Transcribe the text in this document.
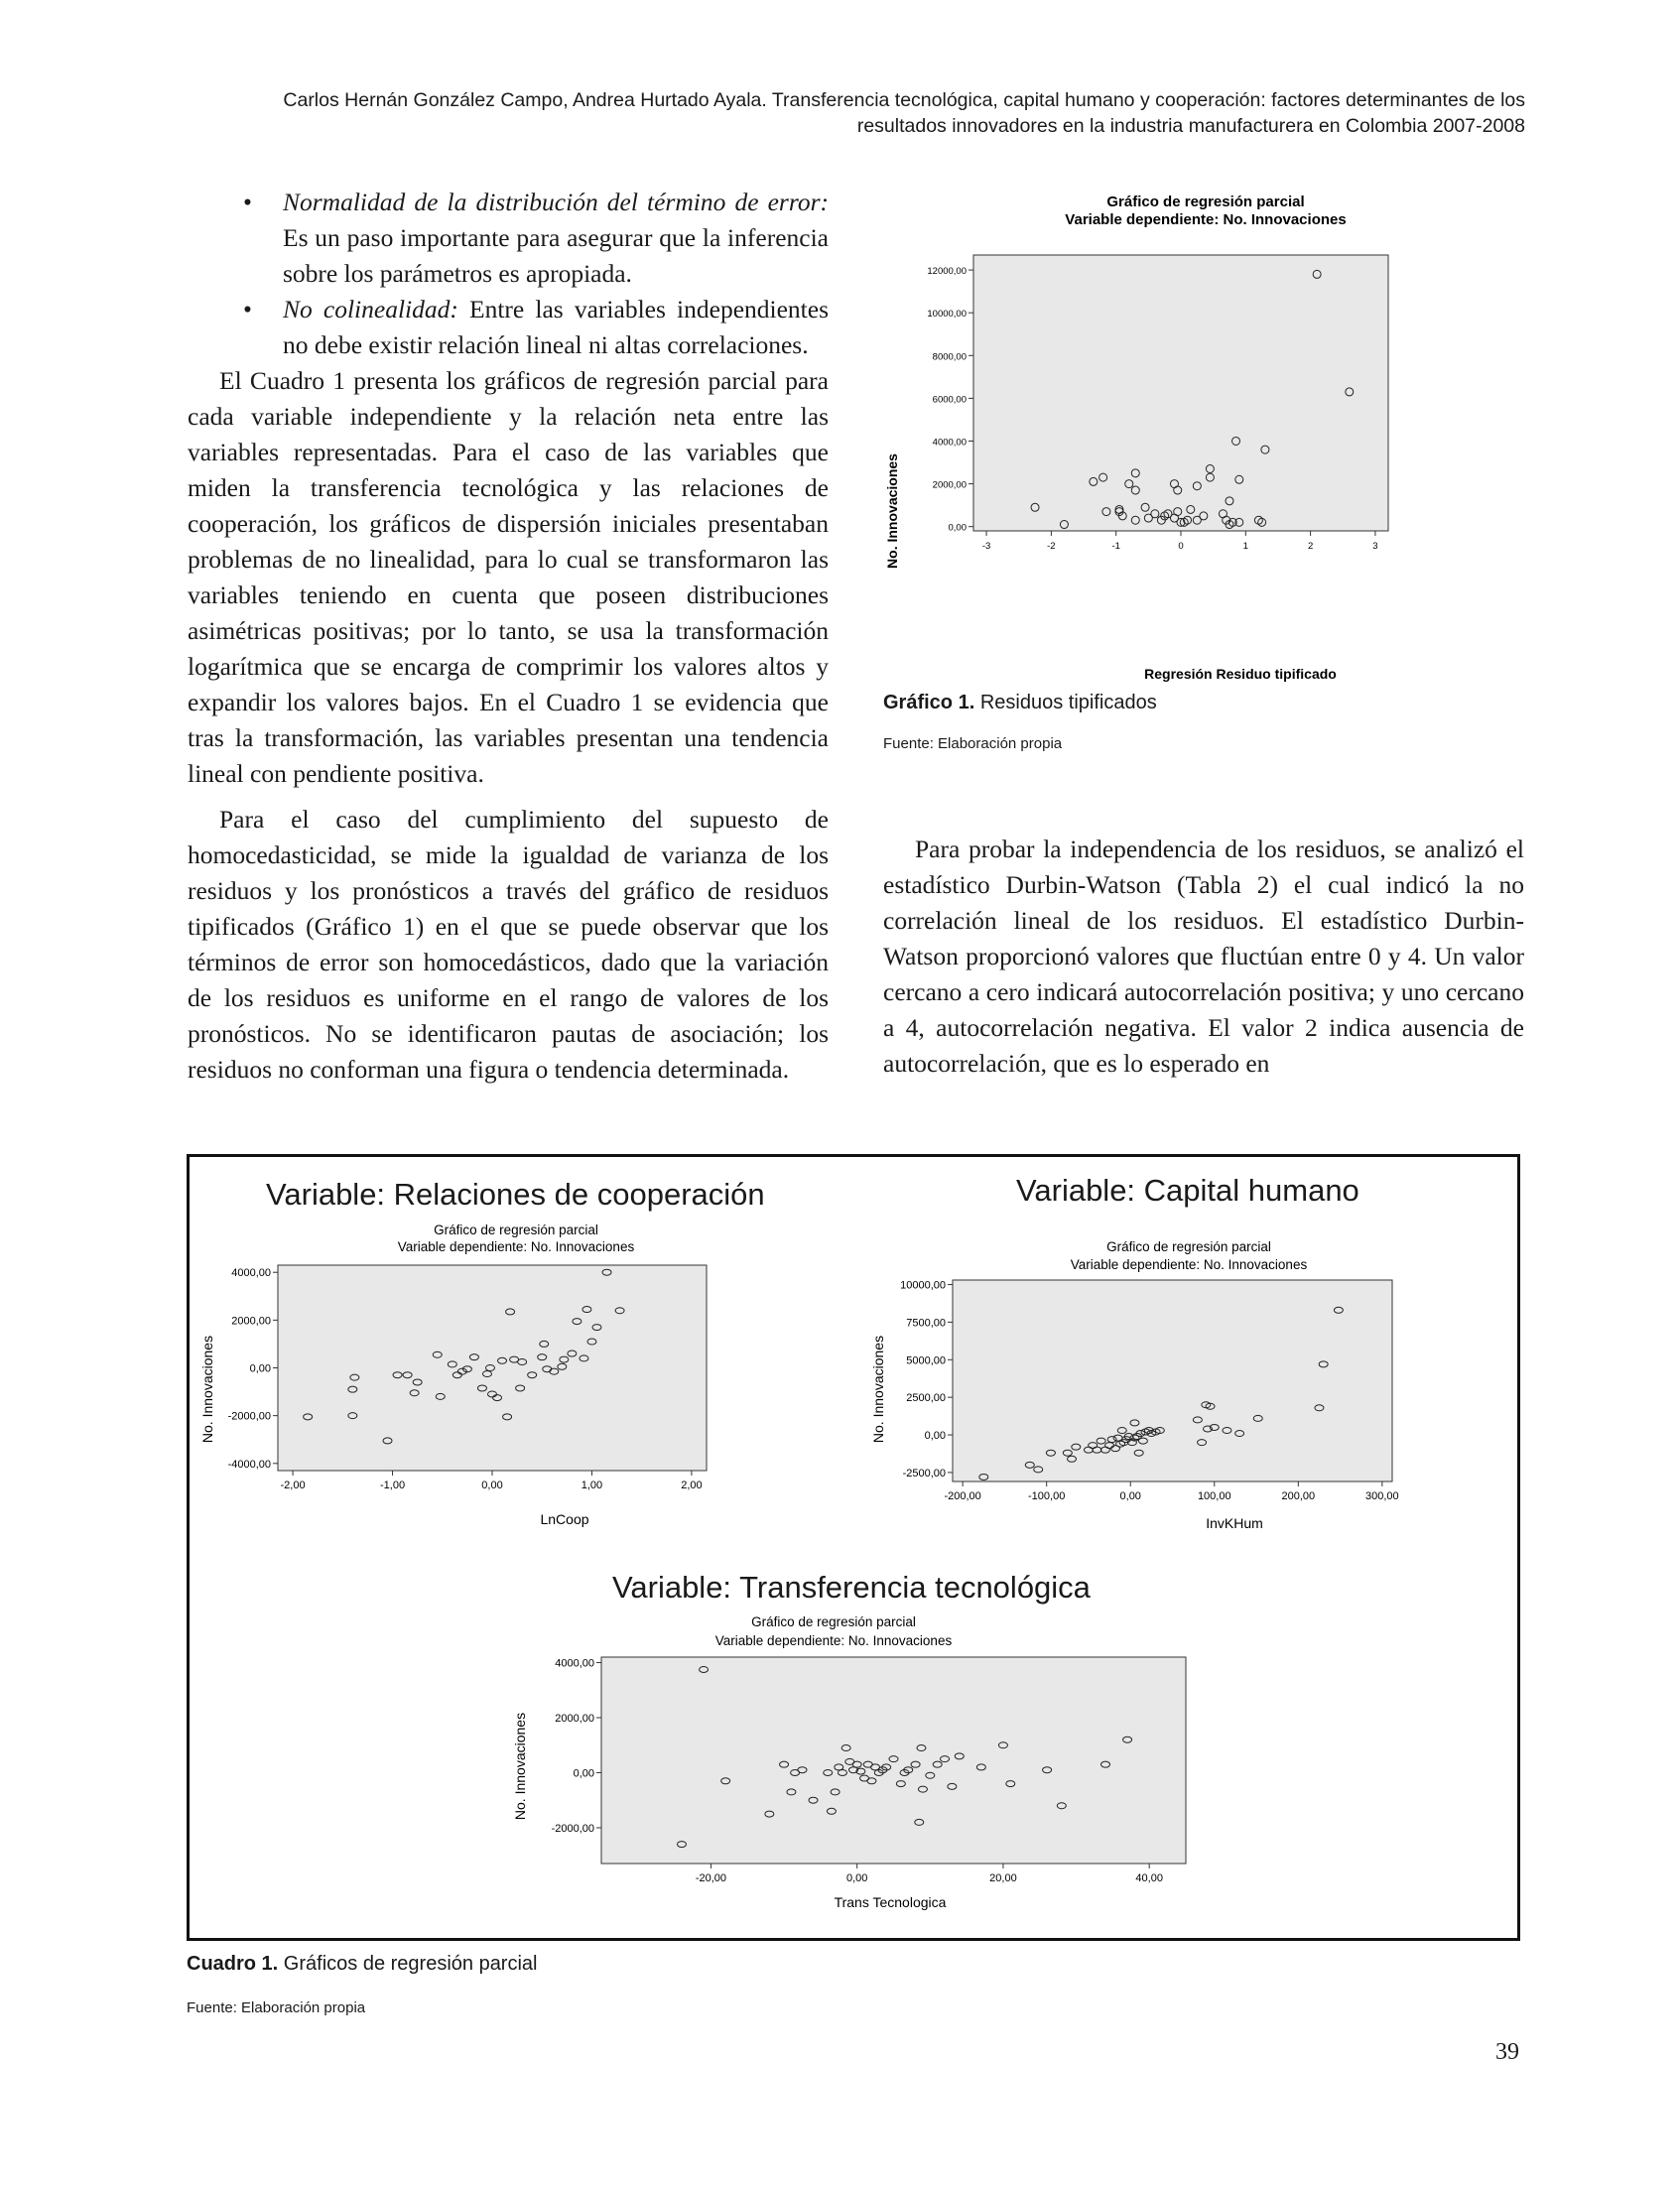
Carlos Hernán González Campo, Andrea Hurtado Ayala. Transferencia tecnológica, capital humano y cooperación: factores determinantes de los
resultados innovadores en la industria manufacturera en Colombia 2007-2008

• Normalidad de la distribución del término de error: Es un paso importante para asegurar que la inferencia sobre los parámetros es apropiada.

• No colinealidad: Entre las variables independientes no debe existir relación lineal ni altas correlaciones.

El Cuadro 1 presenta los gráficos de regresión parcial para cada variable independiente y la relación neta entre las variables representadas. Para el caso de las variables que miden la transferencia tecnológica y las relaciones de cooperación, los gráficos de dispersión iniciales presentaban problemas de no linealidad, para lo cual se transformaron las variables teniendo en cuenta que poseen distribuciones asimétricas positivas; por lo tanto, se usa la transformación logarítmica que se encarga de comprimir los valores altos y expandir los valores bajos. En el Cuadro 1 se evidencia que tras la transformación, las variables presentan una tendencia lineal con pendiente positiva.

Para el caso del cumplimiento del supuesto de homocedasticidad, se mide la igualdad de varianza de los residuos y los pronósticos a través del gráfico de residuos tipificados (Gráfico 1) en el que se puede observar que los términos de error son homocedásticos, dado que la variación de los residuos es uniforme en el rango de valores de los pronósticos. No se identificaron pautas de asociación; los residuos no conforman una figura o tendencia determinada.

Para probar la independencia de los residuos, se analizó el estadístico Durbin-Watson (Tabla 2) el cual indicó la no correlación lineal de los residuos. El estadístico Durbin-Watson proporcionó valores que fluctúan entre 0 y 4. Un valor cercano a cero indicará autocorrelación positiva; y uno cercano a 4, autocorrelación negativa. El valor 2 indica ausencia de autocorrelación, que es lo esperado en

Gráfico de regresión parcial
Variable dependiente: No. Innovaciones
-3	-2	-1	0	1	2	3
0,00
2000,00
4000,00
6000,00
8000,00
10000,00
12000,00
Regresión Residuo tipificado
No. Innovaciones
Gráfico 1. Residuos tipificados
Fuente: Elaboración propia
Variable: Relaciones de cooperación	Variable: Capital humano
Variable: Transferencia tecnológica
Gráfico de regresión parcial
Variable dependiente: No. Innovaciones
-2,00	-1,00	0,00	1,00	2,00
-4000,00
-2000,00
0,00
2000,00
4000,00
LnCoop
No. Innovaciones
Gráfico de regresión parcial
Variable dependiente: No. Innovaciones
-200,00	-100,00	0,00	100,00	200,00	300,00
-2500,00
0,00
2500,00
5000,00
7500,00
10000,00
InvKHum
No. Innovaciones
Gráfico de regresión parcial
Variable dependiente: No. Innovaciones
-20,00	0,00	20,00	40,00
-2000,00
0,00
2000,00
4000,00
Trans Tecnologica
No. Innovaciones
Cuadro 1. Gráficos de regresión parcial
Fuente: Elaboración propia
39
